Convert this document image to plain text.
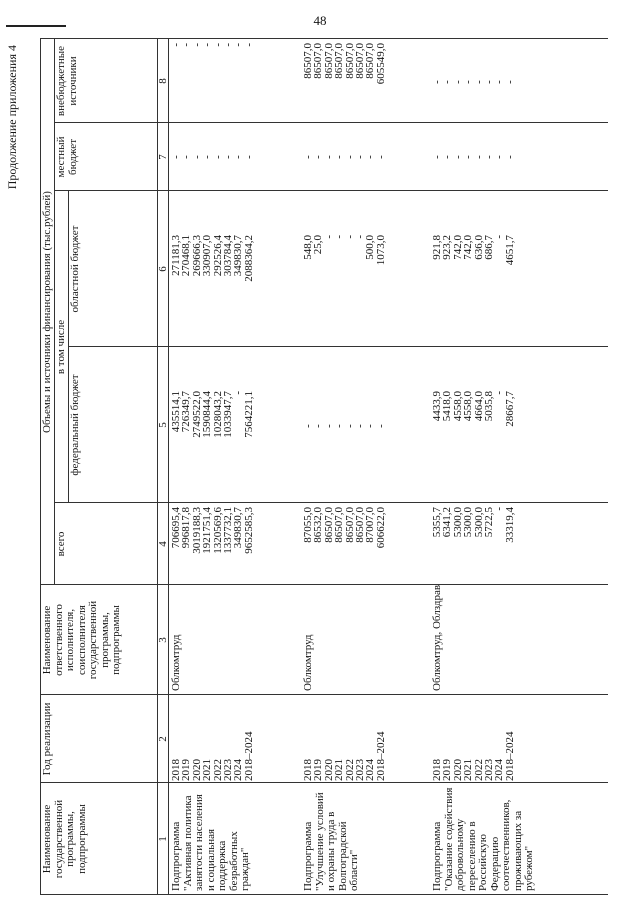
48
Продолжение приложения 4
Наименование государственной программы, подпрограммы
Год реализации
Наименование ответственного исполнителя, соисполнителя государственной программы, подпрограммы
Объемы и источники финансирования (тыс.рублей)
всего
в том числе
федеральный бюджет
областной бюджет
местный бюджет
внебюджетные источники
1
2
3
4
5
6
7
8
Подпрограмма "Активная политика занятости населения и социальная поддержка безработных граждан"
2018
2019
2020
2021
2022
2023
2024
2018–2024
Облкомтруд
706695,4
996817,8
3019188,3
1921751,4
1320569,6
1337732,1
349830,7
9652585,3
435514,1
726349,7
2749522,0
1590844,4
1028043,2
1033947,7
-
7564221,1
271181,3
270468,1
269666,3
330907,0
292526,4
303784,4
349830,7
2088364,2
-
-
-
-
-
-
-
-
-
-
-
-
-
-
-
-
Подпрограмма "Улучшение условий и охраны труда в Волгоградской области"
2018
2019
2020
2021
2022
2023
2024
2018–2024
Облкомтруд
87055,0
86532,0
86507,0
86507,0
86507,0
86507,0
87007,0
606622,0
-
-
-
-
-
-
-
-
548,0
25,0
-
-
-
-
500,0
1073,0
-
-
-
-
-
-
-
-
86507,0
86507,0
86507,0
86507,0
86507,0
86507,0
86507,0
605549,0
Подпрограмма "Оказание содействия добровольному переселению в Российскую Федерацию соотечественников, проживающих за рубежом"
2018
2019
2020
2021
2022
2023
2024
2018–2024
Облкомтруд, Облздрав
5355,7
6341,2
5300,0
5300,0
5300,0
5722,5
-
33319,4
4433,9
5418,0
4558,0
4558,0
4664,0
5035,8
-
28667,7
921,8
923,2
742,0
742,0
636,0
686,7
-
4651,7
-
-
-
-
-
-
-
-
-
-
-
-
-
-
-
-
